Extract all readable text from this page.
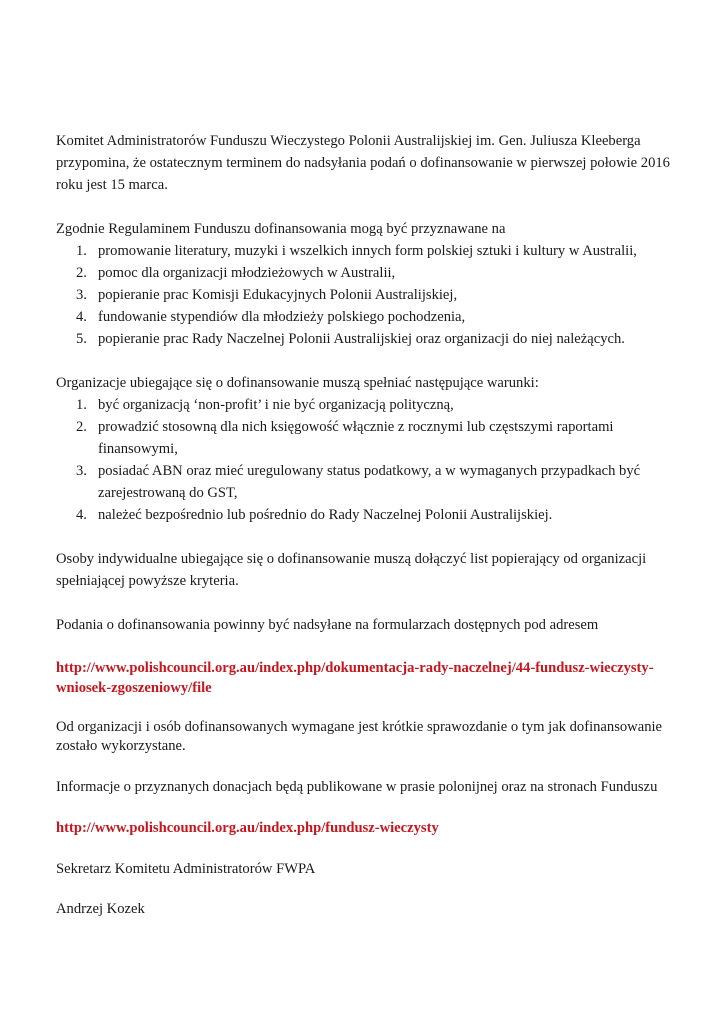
Komitet Administratorów Funduszu Wieczystego Polonii Australijskiej im. Gen. Juliusza Kleeberga przypomina, że ostatecznym terminem do nadsyłania podań o dofinansowanie w pierwszej połowie 2016 roku jest 15 marca.

Zgodnie Regulaminem Funduszu dofinansowania mogą być przyznawane na

1. promowanie literatury, muzyki i wszelkich innych form polskiej sztuki i kultury w Australii,
2. pomoc dla organizacji młodzieżowych w Australii,
3. popieranie prac Komisji Edukacyjnych Polonii Australijskiej,
4. fundowanie stypendiów dla młodzieży polskiego pochodzenia,
5. popieranie prac Rady Naczelnej Polonii Australijskiej oraz organizacji do niej należących.

Organizacje ubiegające się o dofinansowanie muszą spełniać następujące warunki:

1. być organizacją ‘non-profit’ i nie być organizacją polityczną,
2. prowadzić stosowną dla nich księgowość włącznie z rocznymi lub częstszymi raportami finansowymi,
3. posiadać ABN oraz mieć uregulowany status podatkowy, a w wymaganych przypadkach być zarejestrowaną do GST,
4. należeć bezpośrednio lub pośrednio do Rady Naczelnej Polonii Australijskiej.

Osoby indywidualne ubiegające się o dofinansowanie muszą dołączyć list popierający od organizacji spełniającej powyższe kryteria.

Podania o dofinansowania powinny być nadsyłane na formularzach dostępnych pod adresem

http://www.polishcouncil.org.au/index.php/dokumentacja-rady-naczelnej/44-fundusz-wieczysty-wniosek-zgoszeniowy/file

Od organizacji i osób dofinansowanych wymagane jest krótkie sprawozdanie o tym jak dofinansowanie zostało wykorzystane.

Informacje o przyznanych donacjach będą publikowane w prasie polonijnej oraz na stronach Funduszu

http://www.polishcouncil.org.au/index.php/fundusz-wieczysty

Sekretarz Komitetu Administratorów FWPA

Andrzej Kozek
